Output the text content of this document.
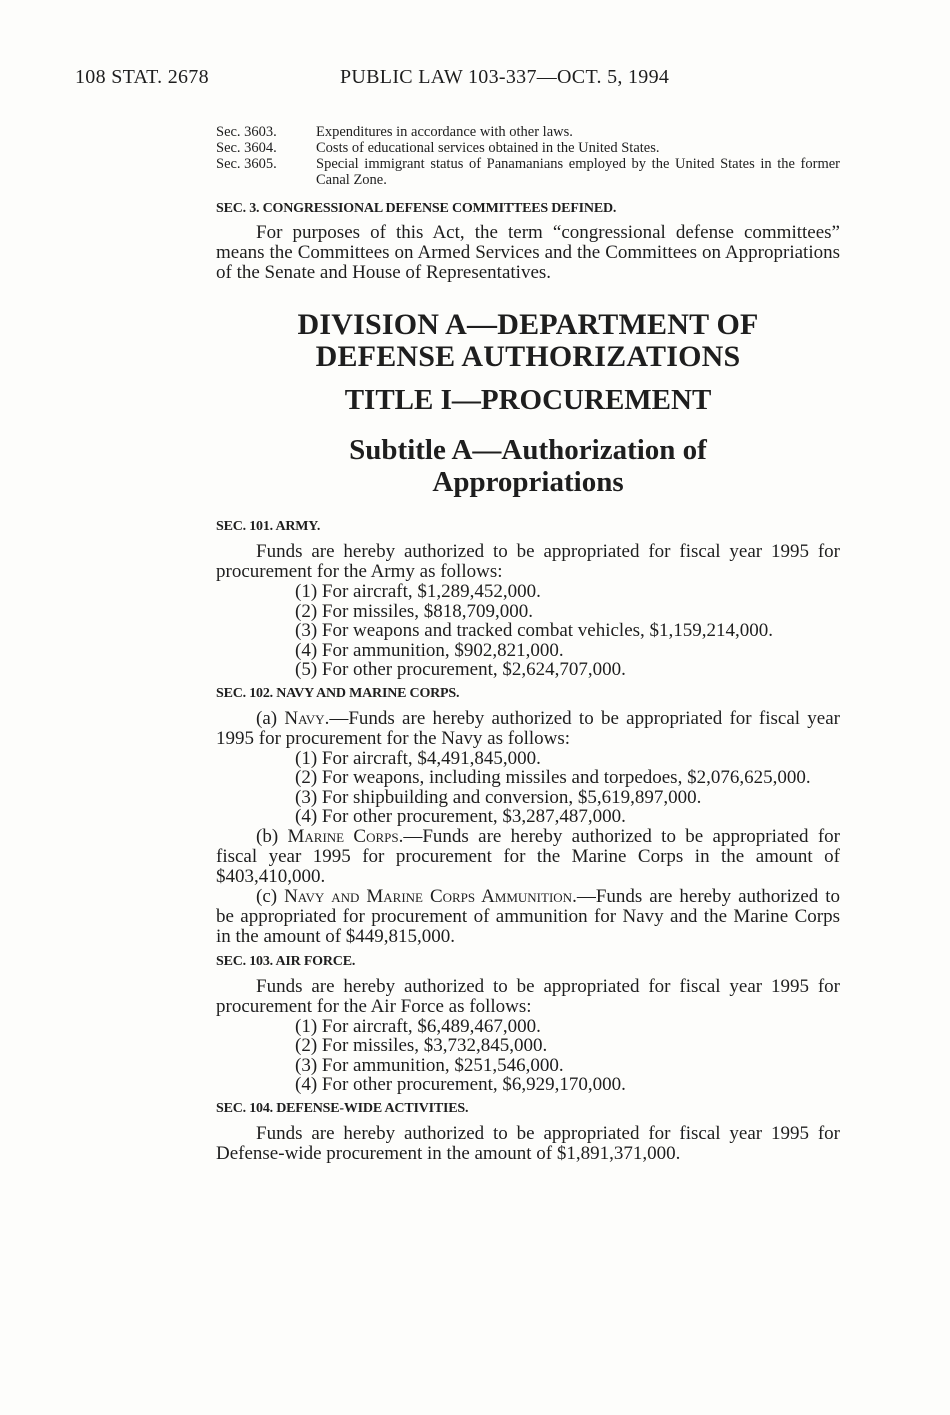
108 STAT. 2678	PUBLIC LAW 103-337—OCT. 5, 1994
Sec. 3603.	Expenditures in accordance with other laws.
Sec. 3604.	Costs of educational services obtained in the United States.
Sec. 3605.	Special immigrant status of Panamanians employed by the United States in the former Canal Zone.

SEC. 3. CONGRESSIONAL DEFENSE COMMITTEES DEFINED.

For purposes of this Act, the term “congressional defense committees” means the Committees on Armed Services and the Committees on Appropriations of the Senate and House of Representatives.

DIVISION A—DEPARTMENT OF

DEFENSE AUTHORIZATIONS

TITLE I—PROCUREMENT

Subtitle A—Authorization of

Appropriations

SEC. 101. ARMY.

Funds are hereby authorized to be appropriated for fiscal year 1995 for procurement for the Army as follows:

(1) For aircraft, $1,289,452,000.

(2) For missiles, $818,709,000.

(3) For weapons and tracked combat vehicles, $1,159,214,000.

(4) For ammunition, $902,821,000.

(5) For other procurement, $2,624,707,000.

SEC. 102. NAVY AND MARINE CORPS.

(a) Navy.—Funds are hereby authorized to be appropriated for fiscal year 1995 for procurement for the Navy as follows:

(1) For aircraft, $4,491,845,000.

(2) For weapons, including missiles and torpedoes, $2,076,625,000.

(3) For shipbuilding and conversion, $5,619,897,000.

(4) For other procurement, $3,287,487,000.

(b) Marine Corps.—Funds are hereby authorized to be appropriated for fiscal year 1995 for procurement for the Marine Corps in the amount of $403,410,000.

(c) Navy and Marine Corps Ammunition.—Funds are hereby authorized to be appropriated for procurement of ammunition for Navy and the Marine Corps in the amount of $449,815,000.

SEC. 103. AIR FORCE.

Funds are hereby authorized to be appropriated for fiscal year 1995 for procurement for the Air Force as follows:

(1) For aircraft, $6,489,467,000.

(2) For missiles, $3,732,845,000.

(3) For ammunition, $251,546,000.

(4) For other procurement, $6,929,170,000.

SEC. 104. DEFENSE-WIDE ACTIVITIES.

Funds are hereby authorized to be appropriated for fiscal year 1995 for Defense-wide procurement in the amount of $1,891,371,000.
